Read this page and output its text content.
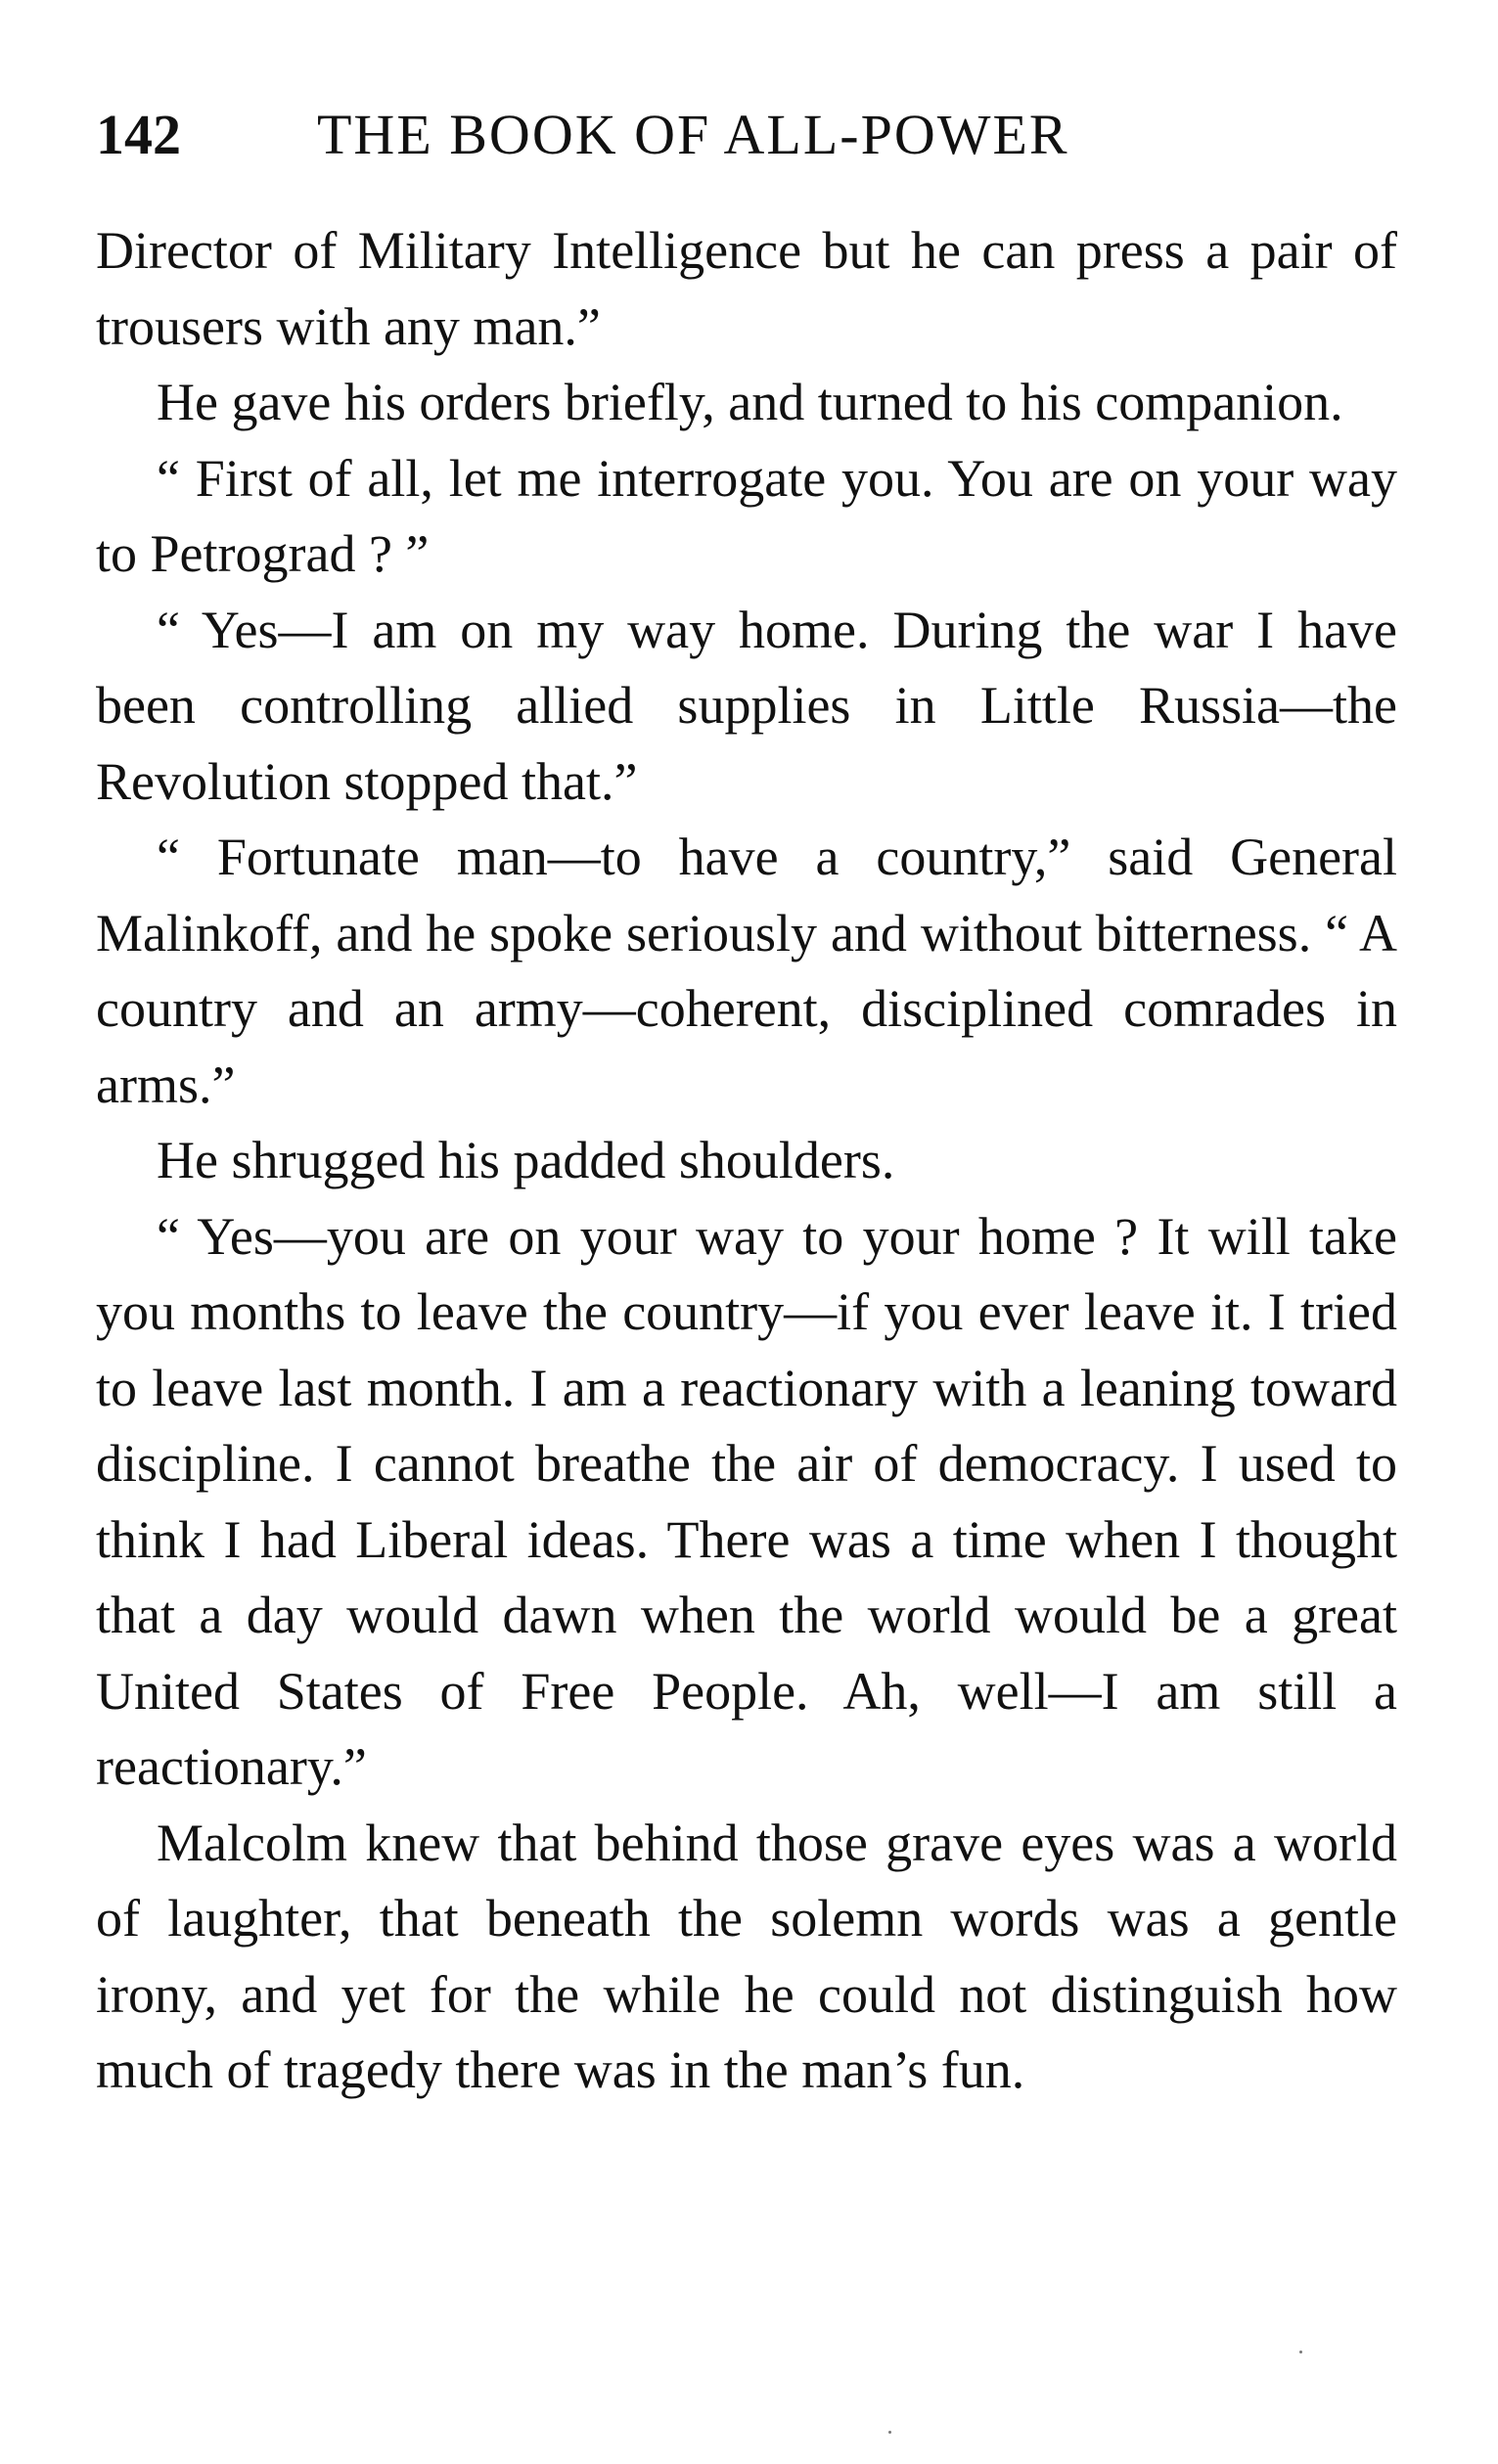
142 THE BOOK OF ALL-POWER

Director of Military Intelligence but he can press a pair of trousers with any man.”

He gave his orders briefly, and turned to his companion.

“ First of all, let me interrogate you. You are on your way to Petrograd ? ”

“ Yes—I am on my way home. During the war I have been controlling allied supplies in Little Russia—the Revolution stopped that.”

“ Fortunate man—to have a country,” said General Malinkoff, and he spoke seriously and without bitterness. “ A country and an army—coherent, disciplined comrades in arms.”

He shrugged his padded shoulders.

“ Yes—you are on your way to your home ? It will take you months to leave the country—if you ever leave it. I tried to leave last month. I am a reactionary with a leaning toward discipline. I cannot breathe the air of democracy. I used to think I had Liberal ideas. There was a time when I thought that a day would dawn when the world would be a great United States of Free People. Ah, well—I am still a reactionary.”

Malcolm knew that behind those grave eyes was a world of laughter, that beneath the solemn words was a gentle irony, and yet for the while he could not distinguish how much of tragedy there was in the man’s fun.
